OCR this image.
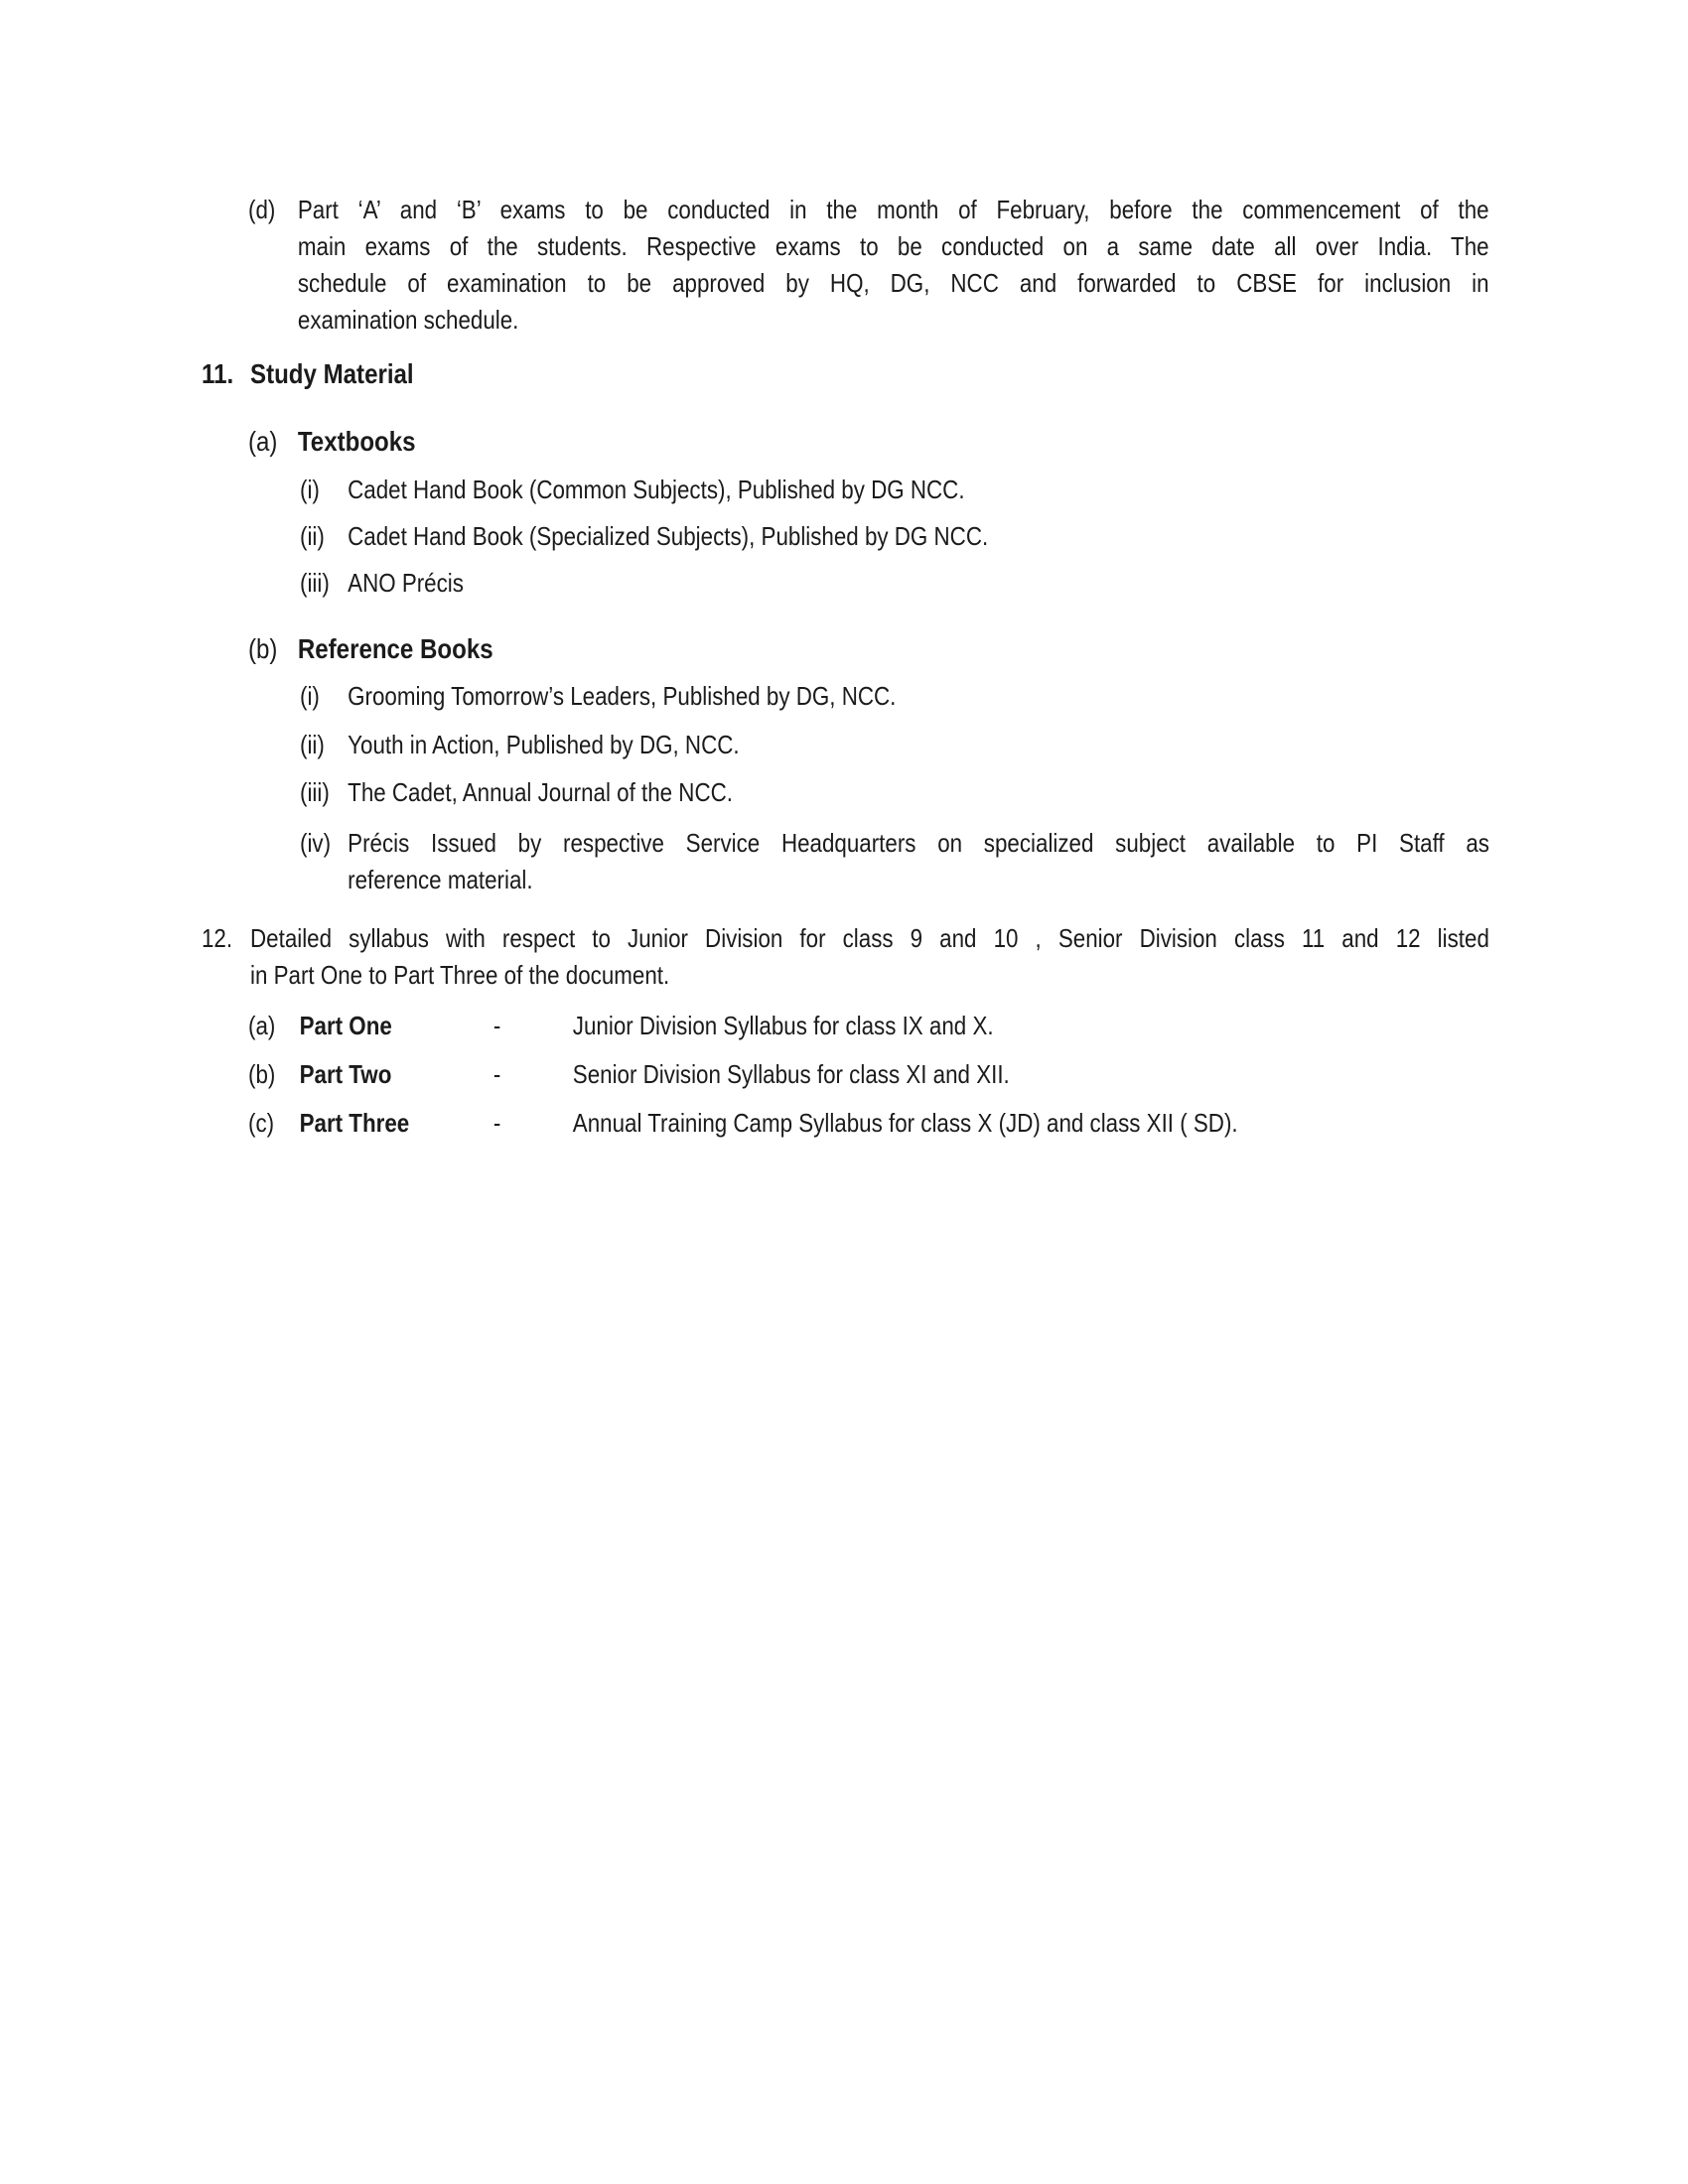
(d) Part ‘A’ and ‘B’ exams to be conducted in the month of February, before the commencement of the
main exams of the students. Respective exams to be conducted on a same date all over India. The
schedule of examination to be approved by HQ, DG, NCC and forwarded to CBSE for inclusion in
examination schedule.
11. Study Material
(a) Textbooks
(i) Cadet Hand Book (Common Subjects), Published by DG NCC.
(ii) Cadet Hand Book (Specialized Subjects), Published by DG NCC.
(iii) ANO Précis
(b) Reference Books
(i) Grooming Tomorrow’s Leaders, Published by DG, NCC.
(ii) Youth in Action, Published by DG, NCC.
(iii) The Cadet, Annual Journal of the NCC.
(iv) Précis Issued by respective Service Headquarters on specialized subject available to PI Staff as
reference material.
12. Detailed syllabus with respect to Junior Division for class 9 and 10 , Senior Division class 11 and 12 listed
in Part One to Part Three of the document.
(a) Part One	-	Junior Division Syllabus for class IX and X.
(b) Part Two	-	Senior Division Syllabus for class XI and XII.
(c) Part Three	-	Annual Training Camp Syllabus for class X (JD) and class XII ( SD).
